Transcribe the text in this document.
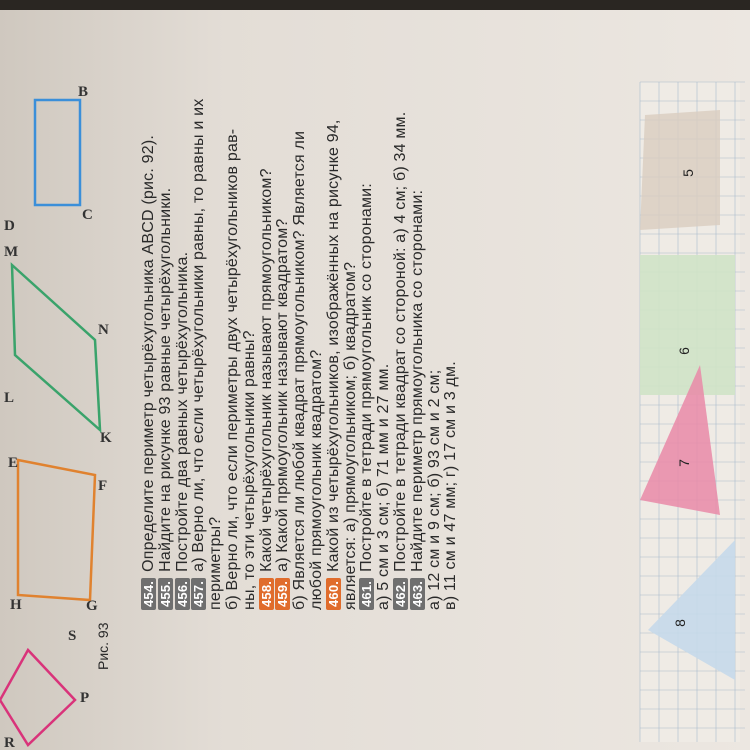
B
C
D
M
N
K
L
E
F
G
H
S
P
R
5
6
7
8
Рис. 93
454.Определите периметр четырёхугольника ABCD (рис. 92).
455.Найдите на рисунке 93 равные четырёхугольники.
456.Постройте два равных четырёхугольника.
457.а) Верно ли, что если четырёхугольники равны, то равны и их периметры? б) Верно ли, что если периметры двух четырёхугольников рав- ны, то эти четырёхугольники равны? 458.Какой четырёхугольник называют прямоугольником?
459.а) Какой прямоугольник называют квадратом? б) Является ли любой квадрат прямоугольником? Является ли любой прямоугольник квадратом? 460.Какой из четырёхугольников, изображённых на рисунке 94, является: а) прямоугольником; б) квадратом? 461.Постройте в тетради прямоугольник со сторонами: а) 5 см и 3 см; б) 71 мм и 27 мм. 462.Постройте в тетради квадрат со стороной: а) 4 см; б) 34 мм.
463.Найдите периметр прямоугольника со сторонами: а) 12 см и 9 см; б) 93 см и 2 см; в) 11 см и 47 мм; г) 17 см и 3 дм.
